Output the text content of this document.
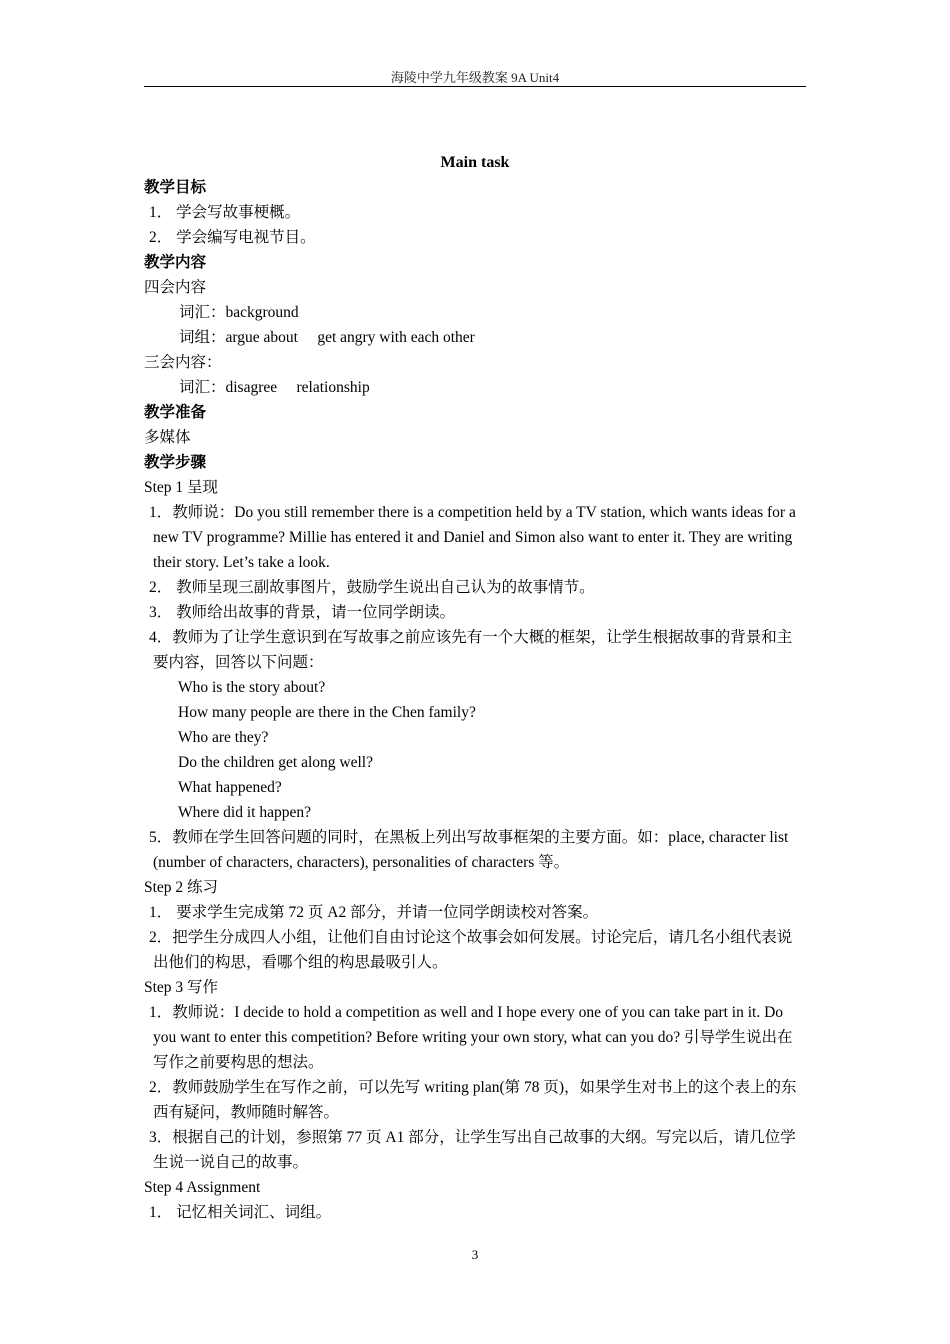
海陵中学九年级教案 9A Unit4
Main task
教学目标
1． 学会写故事梗概。
2． 学会编写电视节目。
教学内容
四会内容
词汇：background
词组：argue about　 get angry with each other
三会内容：
词汇：disagree　 relationship
教学准备
多媒体
教学步骤
Step 1 呈现
1．教师说：Do you still remember there is a competition held by a TV station, which wants ideas for a new TV programme? Millie has entered it and Daniel and Simon also want to enter it. They are writing their story. Let’s take a look.
2． 教师呈现三副故事图片，鼓励学生说出自己认为的故事情节。
3． 教师给出故事的背景，请一位同学朗读。
4．教师为了让学生意识到在写故事之前应该先有一个大概的框架，让学生根据故事的背景和主要内容，回答以下问题：
Who is the story about?
How many people are there in the Chen family?
Who are they?
Do the children get along well?
What happened?
Where did it happen?
5．教师在学生回答问题的同时，在黑板上列出写故事框架的主要方面。如：place, character list (number of characters, characters), personalities of characters 等。
Step 2 练习
1． 要求学生完成第 72 页 A2 部分，并请一位同学朗读校对答案。
2．把学生分成四人小组，让他们自由讨论这个故事会如何发展。讨论完后，请几名小组代表说出他们的构思，看哪个组的构思最吸引人。
Step 3 写作
1．教师说：I decide to hold a competition as well and I hope every one of you can take part in it. Do you want to enter this competition? Before writing your own story, what can you do? 引导学生说出在写作之前要构思的想法。
2．教师鼓励学生在写作之前，可以先写 writing plan(第 78 页)，如果学生对书上的这个表上的东西有疑问，教师随时解答。
3．根据自己的计划，参照第 77 页 A1 部分，让学生写出自己故事的大纲。写完以后，请几位学生说一说自己的故事。
Step 4 Assignment
1． 记忆相关词汇、词组。
3
